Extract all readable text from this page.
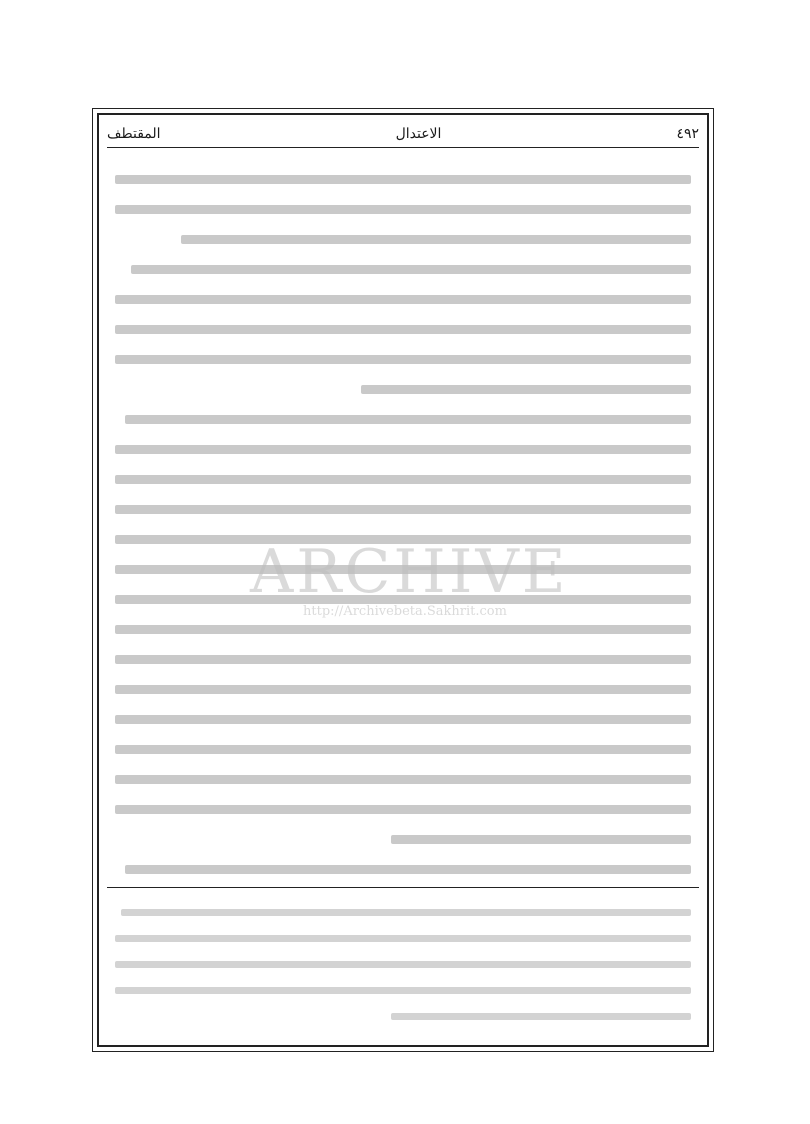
٤٩٢
الاعتدال
المقتطف
ARCHIVE
http://Archivebeta.Sakhrit.com
